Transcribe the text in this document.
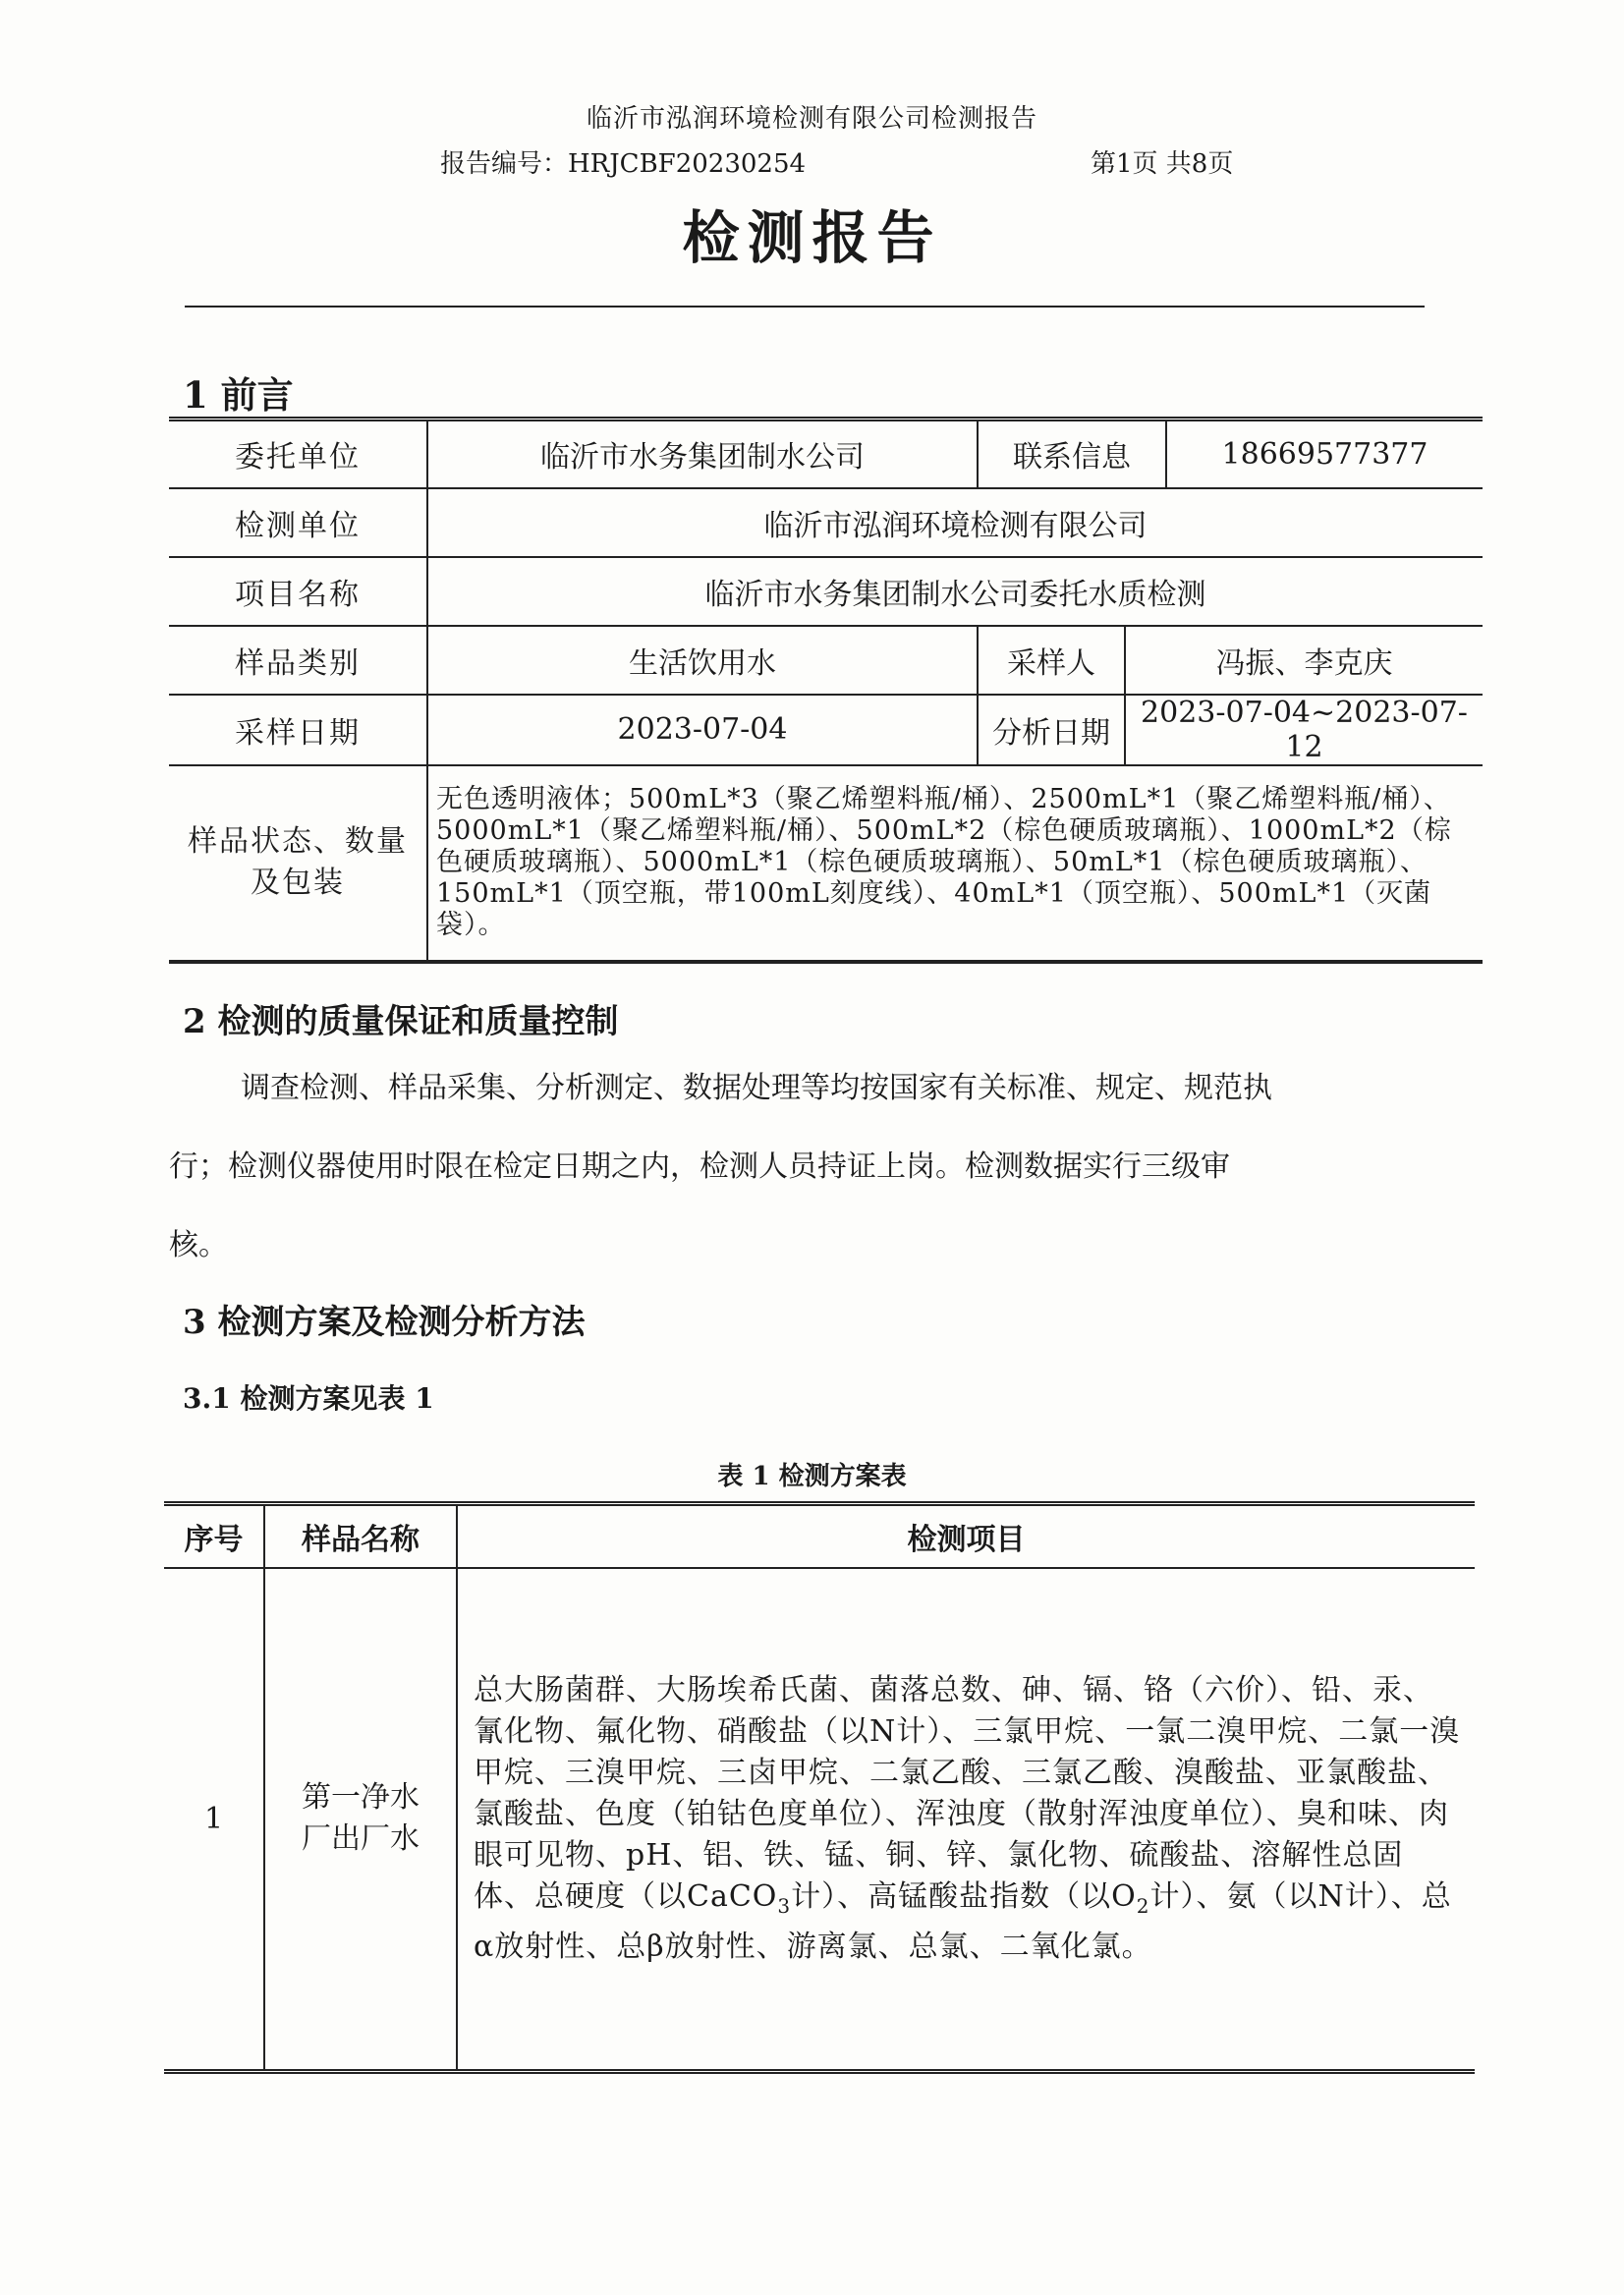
临沂市泓润环境检测有限公司检测报告
报告编号：HRJCBF20230254	第1页 共8页
检测报告
1 前言
委托单位	临沂市水务集团制水公司	联系信息		18669577377
检测单位	临沂市泓润环境检测有限公司			
项目名称	临沂市水务集团制水公司委托水质检测			
样品类别	生活饮用水	采样人	冯振、李克庆	
采样日期	2023-07-04	分析日期	2023-07-04~2023-07-12	
样品状态、数量及包装	无色透明液体；500mL*3（聚乙烯塑料瓶/桶）、2500mL*1（聚乙烯塑料瓶/桶）、5000mL*1（聚乙烯塑料瓶/桶）、500mL*2（棕色硬质玻璃瓶）、1000mL*2（棕色硬质玻璃瓶）、5000mL*1（棕色硬质玻璃瓶）、50mL*1（棕色硬质玻璃瓶）、150mL*1（顶空瓶，带100mL刻度线）、40mL*1（顶空瓶）、500mL*1（灭菌袋）。			
2 检测的质量保证和质量控制
调查检测、样品采集、分析测定、数据处理等均按国家有关标准、规定、规范执
行；检测仪器使用时限在检定日期之内，检测人员持证上岗。检测数据实行三级审
核。
3 检测方案及检测分析方法
3.1 检测方案见表 1
表 1 检测方案表
序号	样品名称	检测项目
1	第一净水厂出厂水	总大肠菌群、大肠埃希氏菌、菌落总数、砷、镉、铬（六价）、铅、汞、氰化物、氟化物、硝酸盐（以N计）、三氯甲烷、一氯二溴甲烷、二氯一溴甲烷、三溴甲烷、三卤甲烷、二氯乙酸、三氯乙酸、溴酸盐、亚氯酸盐、氯酸盐、色度（铂钴色度单位）、浑浊度（散射浑浊度单位）、臭和味、肉眼可见物、pH、铝、铁、锰、铜、锌、氯化物、硫酸盐、溶解性总固体、总硬度（以CaCO$_3$计）、高锰酸盐指数（以$O_2$计）、氨（以N计）、总α放射性、总β放射性、游离氯、总氯、二氧化氯。
